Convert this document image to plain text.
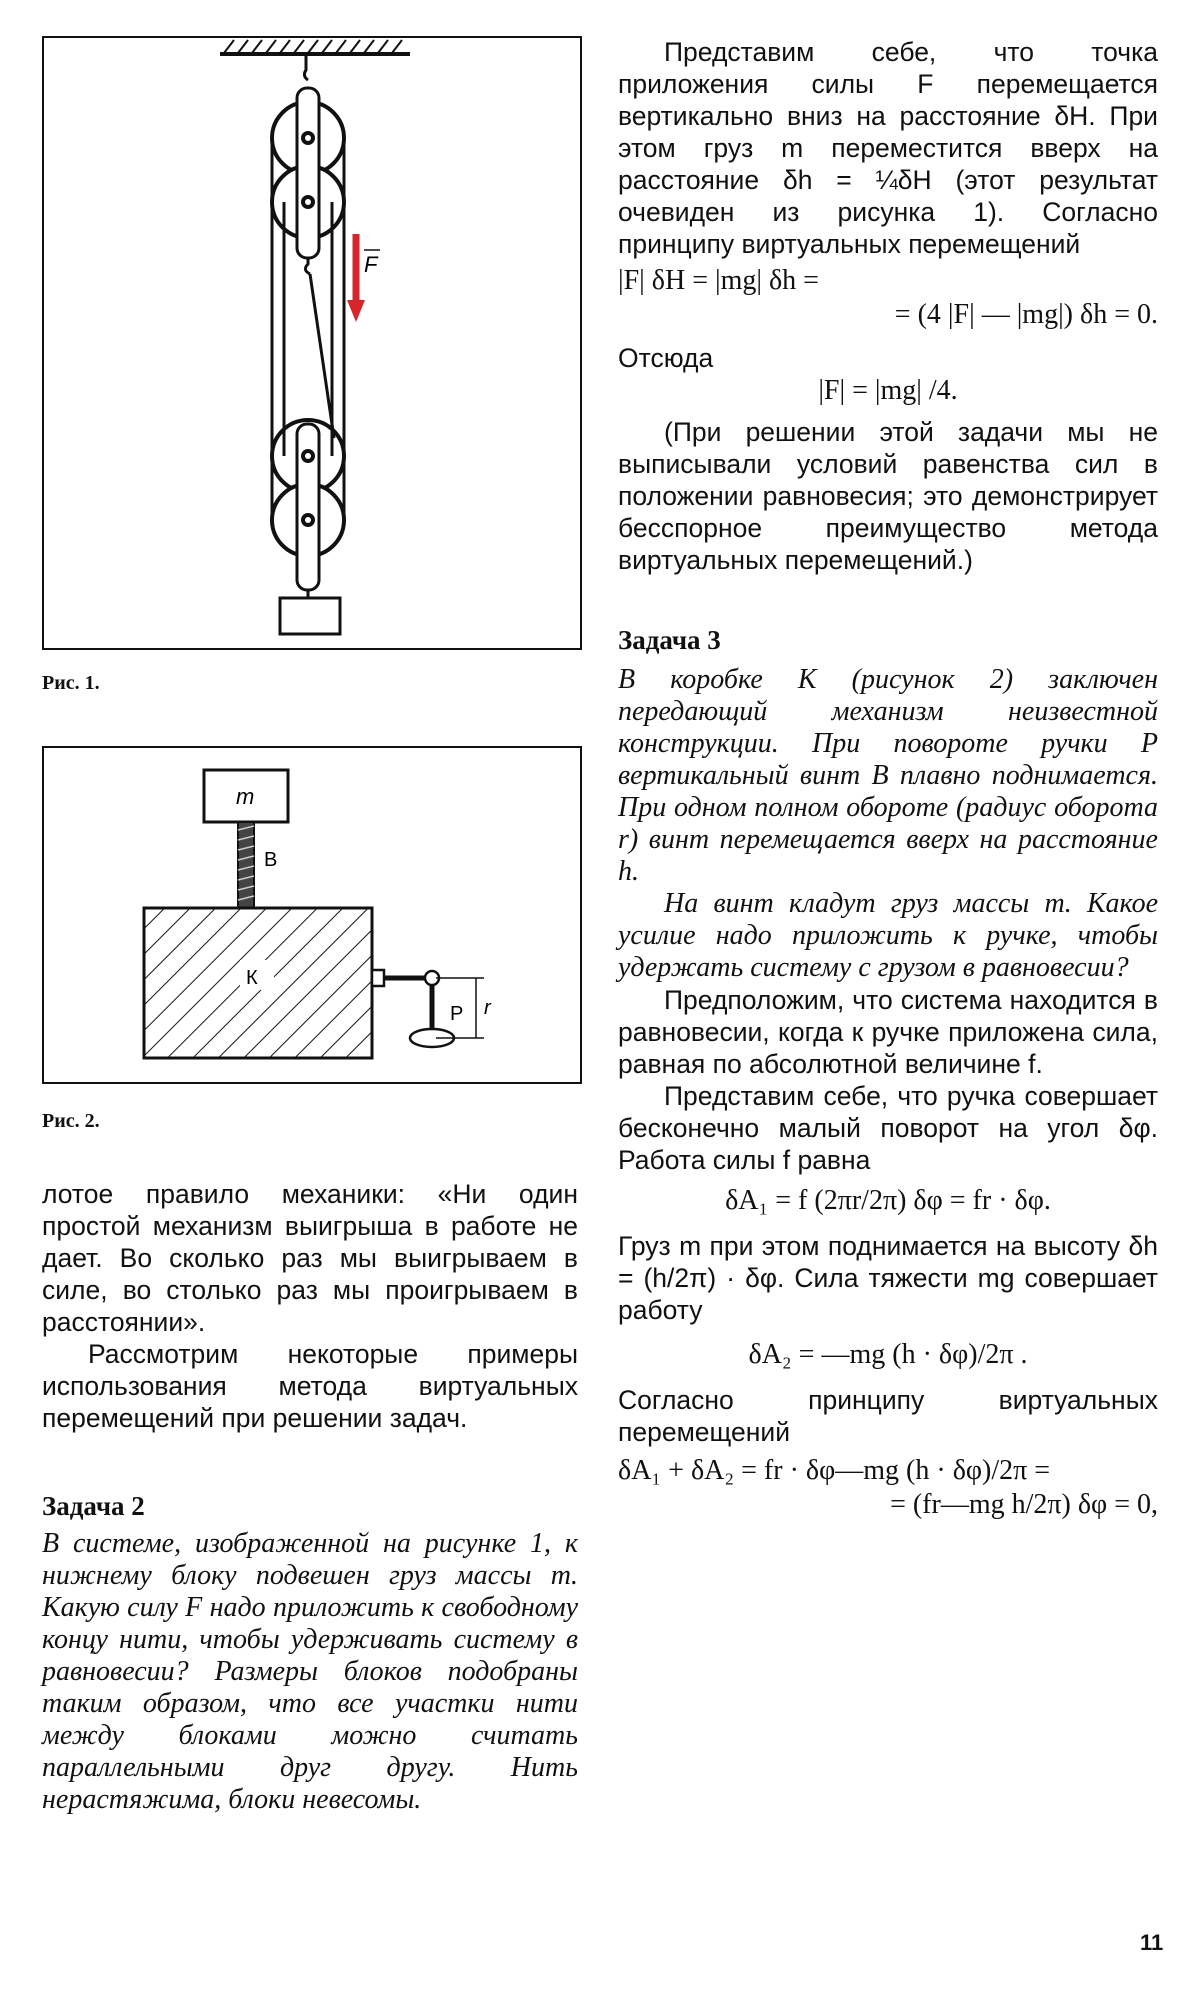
F
Рис. 1.
m
B
К
P r
Рис. 2.

лотое правило механики: «Ни один простой механизм выигрыша в работе не дает. Во сколько раз мы выигрываем в силе, во столько раз мы проигрываем в расстоянии».

Рассмотрим некоторые примеры использования метода виртуальных перемещений при решении задач.

Задача 2

В системе, изображенной на рисунке 1, к нижнему блоку подвешен груз массы m. Какую силу F надо приложить к свободному концу нити, чтобы удерживать систему в равновесии? Размеры блоков подобраны таким образом, что все участки нити между блоками можно считать параллельными друг другу. Нить нерастяжима, блоки невесомы.

Представим себе, что точка приложения силы F перемещается вертикально вниз на расстояние δH. При этом груз m переместится вверх на расстояние δh = ¼δH (этот результат очевиден из рисунка 1). Согласно принципу виртуальных перемещений

|F| δH = |mg| δh =

= (4 |F| — |mg|) δh = 0.

Отсюда

|F| = |mg| /4.

(При решении этой задачи мы не выписывали условий равенства сил в положении равновесия; это демонстрирует бесспорное преимущество метода виртуальных перемещений.)

Задача 3

В коробке К (рисунок 2) заключен передающий механизм неизвестной конструкции. При повороте ручки Р вертикальный винт В плавно поднимается. При одном полном обороте (радиус оборота r) винт перемещается вверх на расстояние h.

На винт кладут груз массы m. Какое усилие надо приложить к ручке, чтобы удержать систему с грузом в равновесии?

Предположим, что система находится в равновесии, когда к ручке приложена сила, равная по абсолютной величине f.

Представим себе, что ручка совершает бесконечно малый поворот на угол δφ. Работа силы f равна

δA₁ = f (2πr/2π) δφ = fr · δφ.

Груз m при этом поднимается на высоту δh = (h/2π) · δφ. Сила тяжести mg совершает работу

δA₂ = —mg (h · δφ)/2π .

Согласно принципу виртуальных перемещений

δA₁ + δA₂ = fr · δφ—mg (h · δφ)/2π =

= (fr—mg h/2π) δφ = 0,

11
